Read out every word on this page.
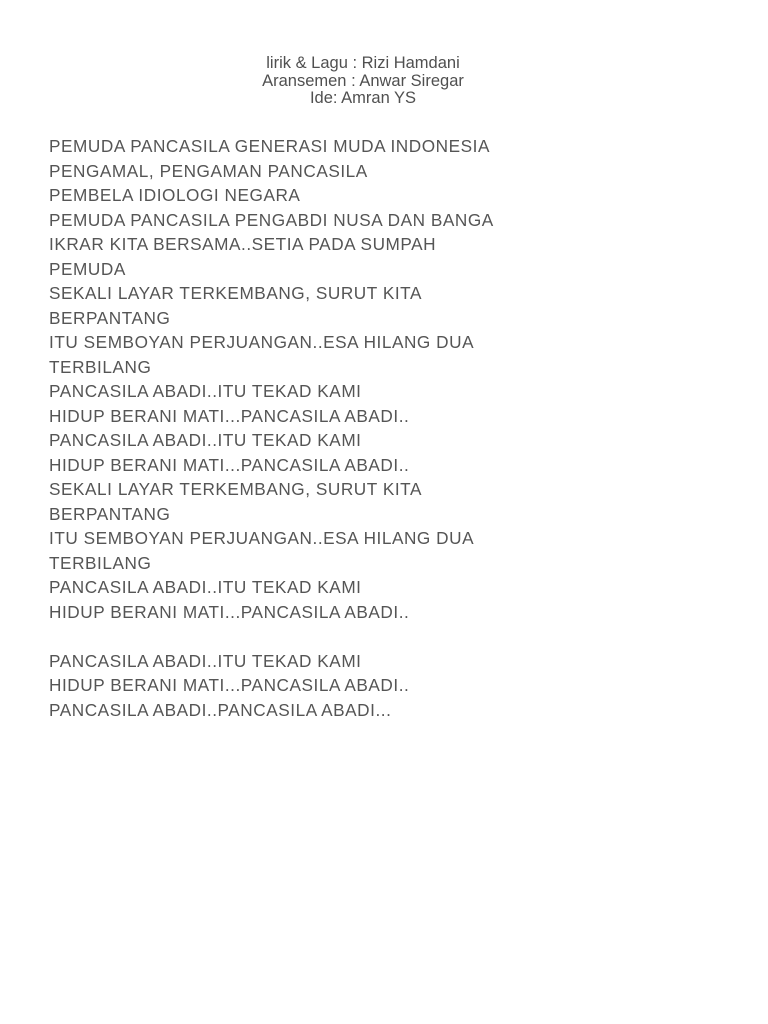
lirik & Lagu : Rizi Hamdani
Aransemen : Anwar Siregar
Ide: Amran YS
PEMUDA PANCASILA GENERASI MUDA INDONESIA
PENGAMAL, PENGAMAN PANCASILA
PEMBELA IDIOLOGI NEGARA
PEMUDA PANCASILA PENGABDI NUSA DAN BANGA
IKRAR KITA BERSAMA..SETIA PADA SUMPAH
PEMUDA
SEKALI LAYAR TERKEMBANG, SURUT KITA
BERPANTANG
ITU SEMBOYAN PERJUANGAN..ESA HILANG DUA
TERBILANG
PANCASILA ABADI..ITU TEKAD KAMI
HIDUP BERANI MATI...PANCASILA ABADI..
PANCASILA ABADI..ITU TEKAD KAMI
HIDUP BERANI MATI...PANCASILA ABADI..
SEKALI LAYAR TERKEMBANG, SURUT KITA
BERPANTANG
ITU SEMBOYAN PERJUANGAN..ESA HILANG DUA
TERBILANG
PANCASILA ABADI..ITU TEKAD KAMI
HIDUP BERANI MATI...PANCASILA ABADI..
PANCASILA ABADI..ITU TEKAD KAMI
HIDUP BERANI MATI...PANCASILA ABADI..
PANCASILA ABADI..PANCASILA ABADI...
